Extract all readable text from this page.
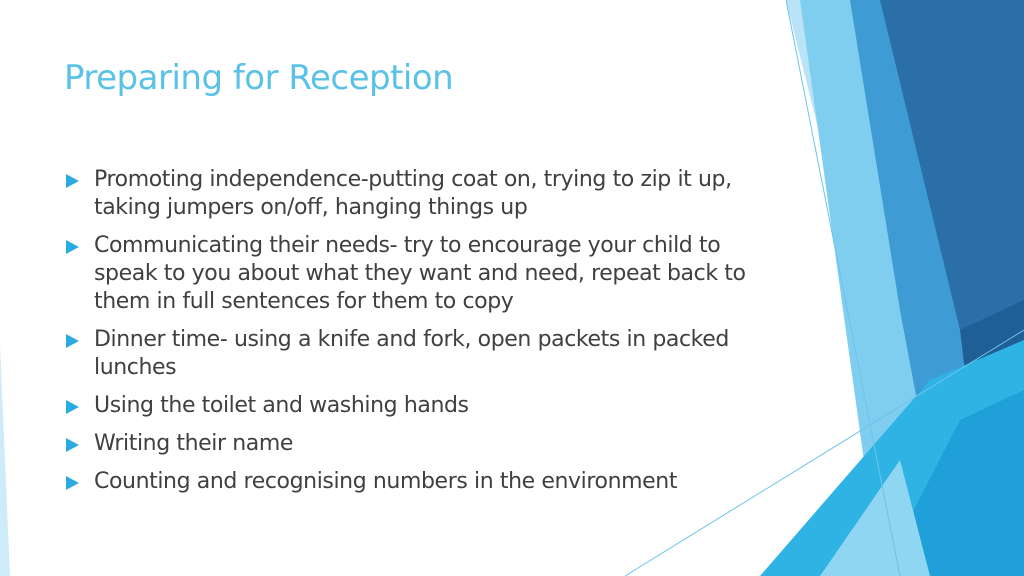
Preparing for Reception
Promoting independence-putting coat on, trying to zip it up, taking jumpers on/off, hanging things up
Communicating their needs- try to encourage your child to speak to you about what they want and need, repeat back to them in full sentences for them to copy
Dinner time- using a knife and fork, open packets in packed lunches
Using the toilet and washing hands
Writing their name
Counting and recognising numbers in the environment
